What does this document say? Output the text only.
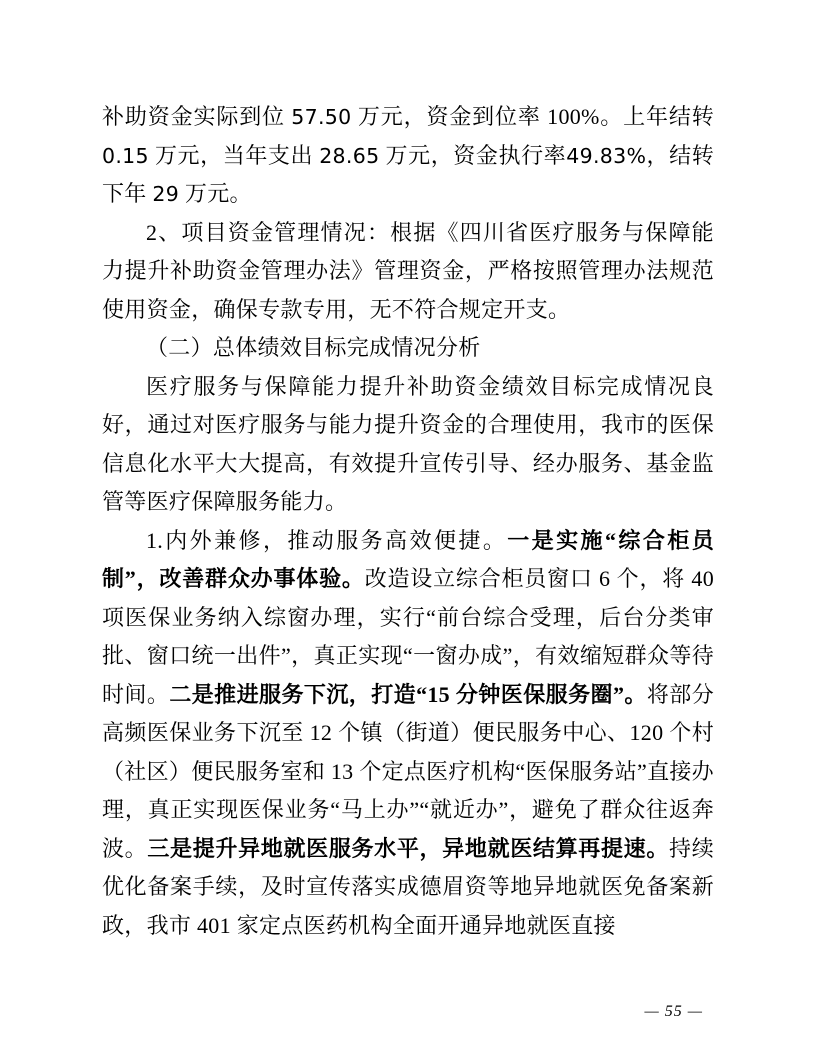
补助资金实际到位 57.50 万元，资金到位率 100%。上年结转 0.15 万元，当年支出 28.65 万元，资金执行率49.83%，结转下年 29 万元。

2、项目资金管理情况：根据《四川省医疗服务与保障能力提升补助资金管理办法》管理资金，严格按照管理办法规范使用资金，确保专款专用，无不符合规定开支。

（二）总体绩效目标完成情况分析

医疗服务与保障能力提升补助资金绩效目标完成情况良好，通过对医疗服务与能力提升资金的合理使用，我市的医保信息化水平大大提高，有效提升宣传引导、经办服务、基金监管等医疗保障服务能力。

1.内外兼修，推动服务高效便捷。一是实施“综合柜员制”，改善群众办事体验。改造设立综合柜员窗口 6 个，将 40 项医保业务纳入综窗办理，实行“前台综合受理，后台分类审批、窗口统一出件”，真正实现“一窗办成”，有效缩短群众等待时间。二是推进服务下沉，打造“15 分钟医保服务圈”。将部分高频医保业务下沉至 12 个镇（街道）便民服务中心、120 个村（社区）便民服务室和 13 个定点医疗机构“医保服务站”直接办理，真正实现医保业务“马上办”“就近办”，避免了群众往返奔波。三是提升异地就医服务水平，异地就医结算再提速。持续优化备案手续，及时宣传落实成德眉资等地异地就医免备案新政，我市 401 家定点医药机构全面开通异地就医直接

— 55 —
